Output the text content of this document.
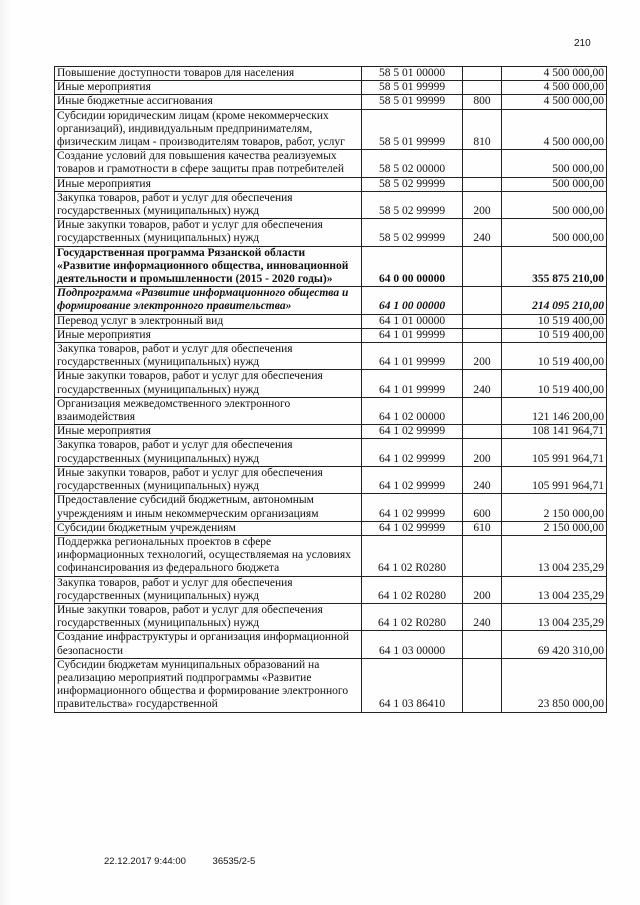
210
Повышение доступности товаров для населения	58 5 01 00000		4 500 000,00
Иные мероприятия	58 5 01 99999		4 500 000,00
Иные бюджетные ассигнования	58 5 01 99999	800	4 500 000,00
Субсидии юридическим лицам (кроме некоммерческих организаций), индивидуальным предпринимателям, физическим лицам - производителям товаров, работ, услуг	58 5 01 99999	810	4 500 000,00
Создание условий для повышения качества реализуемых товаров и грамотности в сфере защиты прав потребителей	58 5 02 00000		500 000,00
Иные мероприятия	58 5 02 99999		500 000,00
Закупка товаров, работ и услуг для обеспечения государственных (муниципальных) нужд	58 5 02 99999	200	500 000,00
Иные закупки товаров, работ и услуг для обеспечения государственных (муниципальных) нужд	58 5 02 99999	240	500 000,00
Государственная программа Рязанской области «Развитие информационного общества, инновационной деятельности и промышленности (2015 - 2020 годы)»	64 0 00 00000		355 875 210,00
Подпрограмма «Развитие информационного общества и формирование электронного правительства»	64 1 00 00000		214 095 210,00
Перевод услуг в электронный вид	64 1 01 00000		10 519 400,00
Иные мероприятия	64 1 01 99999		10 519 400,00
Закупка товаров, работ и услуг для обеспечения государственных (муниципальных) нужд	64 1 01 99999	200	10 519 400,00
Иные закупки товаров, работ и услуг для обеспечения государственных (муниципальных) нужд	64 1 01 99999	240	10 519 400,00
Организация межведомственного электронного взаимодействия	64 1 02 00000		121 146 200,00
Иные мероприятия	64 1 02 99999		108 141 964,71
Закупка товаров, работ и услуг для обеспечения государственных (муниципальных) нужд	64 1 02 99999	200	105 991 964,71
Иные закупки товаров, работ и услуг для обеспечения государственных (муниципальных) нужд	64 1 02 99999	240	105 991 964,71
Предоставление субсидий бюджетным, автономным учреждениям и иным некоммерческим организациям	64 1 02 99999	600	2 150 000,00
Субсидии бюджетным учреждениям	64 1 02 99999	610	2 150 000,00
Поддержка региональных проектов в сфере информационных технологий, осуществляемая на условиях софинансирования из федерального бюджета	64 1 02 R0280		13 004 235,29
Закупка товаров, работ и услуг для обеспечения государственных (муниципальных) нужд	64 1 02 R0280	200	13 004 235,29
Иные закупки товаров, работ и услуг для обеспечения государственных (муниципальных) нужд	64 1 02 R0280	240	13 004 235,29
Создание инфраструктуры и организация информационной безопасности	64 1 03 00000		69 420 310,00
Субсидии бюджетам муниципальных образований на реализацию мероприятий подпрограммы «Развитие информационного общества и формирование электронного правительства» государственной	64 1 03 86410		23 850 000,00
22.12.2017 9:44:00	36535/2-5
